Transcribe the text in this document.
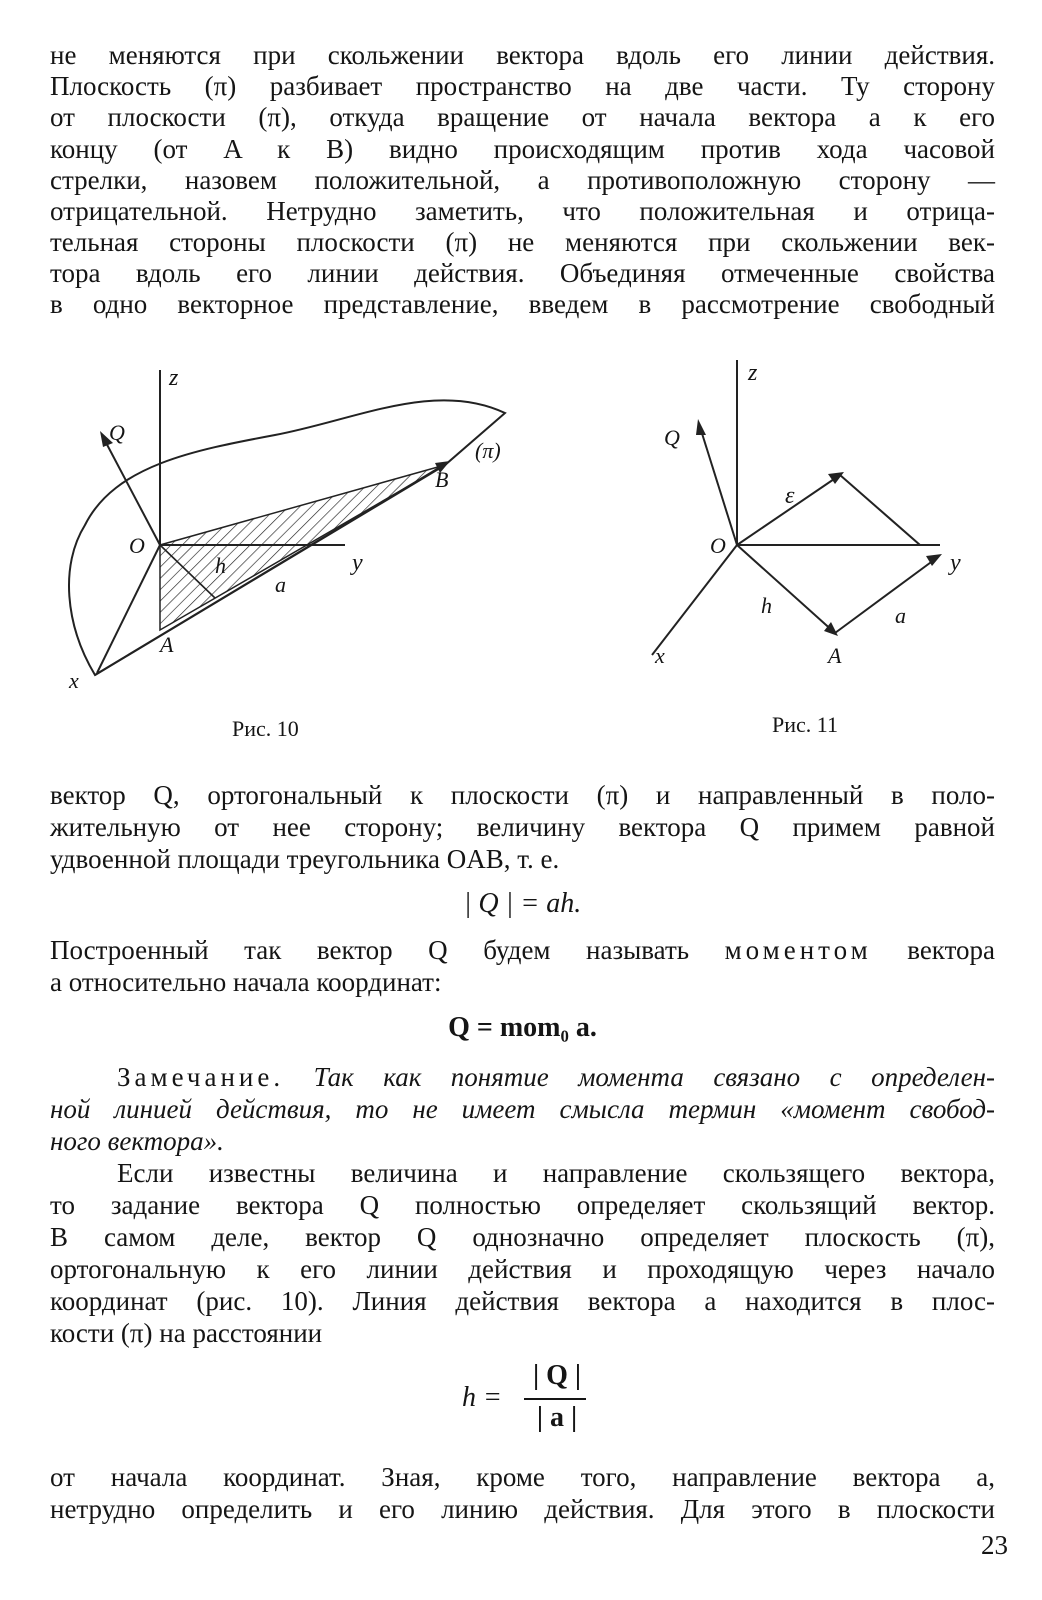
не меняются при скольжении вектора вдоль его линии действия.
Плоскость (π) разбивает пространство на две части. Ту сторону
от плоскости (π), откуда вращение от начала вектора а к его
концу (от A к B) видно происходящим против хода часовой
стрелки, назовем положительной, а противоположную сторону —
отрицательной. Нетрудно заметить, что положительная и отрица-
тельная стороны плоскости (π) не меняются при скольжении век-
тора вдоль его линии действия. Объединяя отмеченные свойства
в одно векторное представление, введем в рассмотрение свободный
z
Q
O
y
B
(π)
h
a
A
x
Рис. 10
z
Q
O
y
ε
h	a
A
x
Рис. 11
вектор Q, ортогональный к плоскости (π) и направленный в поло-
жительную от нее сторону; величину вектора Q примем равной
удвоенной площади треугольника OAB, т. е.
| Q | = ah.
Построенный так вектор Q будем называть моментом вектора
а относительно начала координат:
Q = mom₀ a.
Замечание. Так как понятие момента связано с определен-
ной линией действия, то не имеет смысла термин «момент свобод-
ного вектора».
Если известны величина и направление скользящего вектора,
то задание вектора Q полностью определяет скользящий вектор.
В самом деле, вектор Q однозначно определяет плоскость (π),
ортогональную к его линии действия и проходящую через начало
координат (рис. 10). Линия действия вектора а находится в плос-
кости (π) на расстоянии
h =
| Q |
| a |
от начала координат. Зная, кроме того, направление вектора а,
нетрудно определить и его линию действия. Для этого в плоскости
23
